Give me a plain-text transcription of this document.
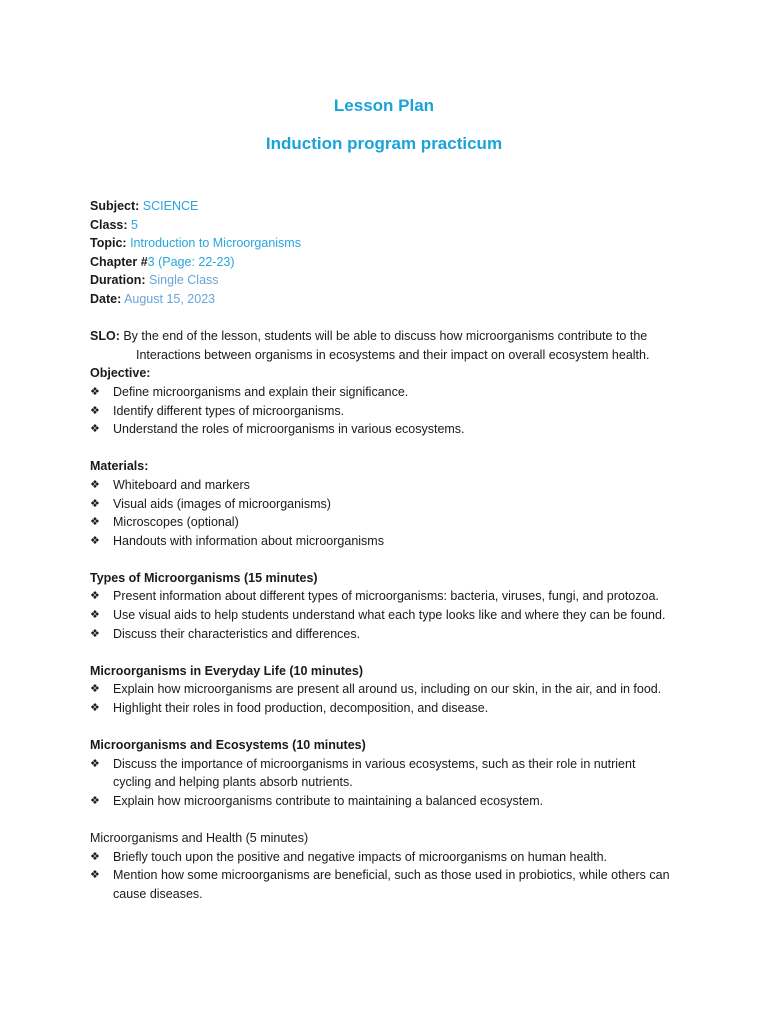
Lesson Plan
Induction program practicum
Subject: SCIENCE
Class: 5
Topic: Introduction to Microorganisms
Chapter #3 (Page: 22-23)
Duration: Single Class
Date: August 15, 2023
SLO: By the end of the lesson, students will be able to discuss how microorganisms contribute to the
Interactions between organisms in ecosystems and their impact on overall ecosystem health.
Objective:
❖ Define microorganisms and explain their significance.
❖ Identify different types of microorganisms.
❖ Understand the roles of microorganisms in various ecosystems.
Materials:
❖ Whiteboard and markers
❖ Visual aids (images of microorganisms)
❖ Microscopes (optional)
❖ Handouts with information about microorganisms
Types of Microorganisms (15 minutes)
❖ Present information about different types of microorganisms: bacteria, viruses, fungi, and protozoa.
❖ Use visual aids to help students understand what each type looks like and where they can be found.
❖ Discuss their characteristics and differences.
Microorganisms in Everyday Life (10 minutes)
❖ Explain how microorganisms are present all around us, including on our skin, in the air, and in food.
❖ Highlight their roles in food production, decomposition, and disease.
Microorganisms and Ecosystems (10 minutes)
❖ Discuss the importance of microorganisms in various ecosystems, such as their role in nutrient
cycling and helping plants absorb nutrients.
❖ Explain how microorganisms contribute to maintaining a balanced ecosystem.
Microorganisms and Health (5 minutes)
❖ Briefly touch upon the positive and negative impacts of microorganisms on human health.
❖ Mention how some microorganisms are beneficial, such as those used in probiotics, while others can
cause diseases.
